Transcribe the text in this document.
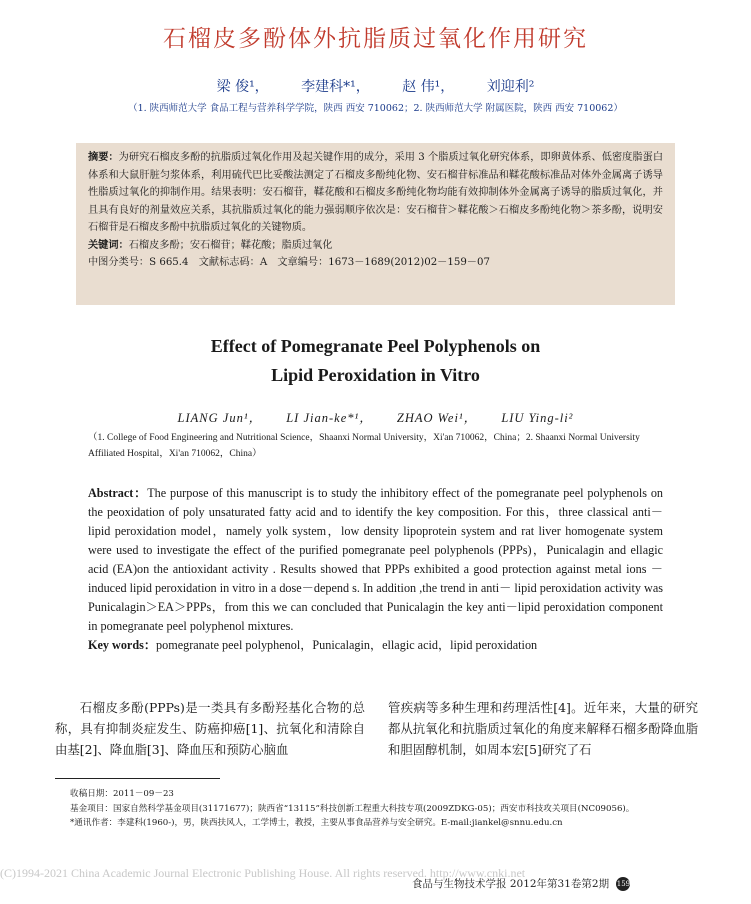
石榴皮多酚体外抗脂质过氧化作用研究
梁 俊¹， 李建科*¹， 赵 伟¹， 刘迎利²
（1. 陕西师范大学 食品工程与营养科学学院，陕西 西安 710062；2. 陕西师范大学 附属医院，陕西 西安 710062）

摘要：为研究石榴皮多酚的抗脂质过氧化作用及起关键作用的成分，采用 3 个脂质过氧化研究体系，即卵黄体系、低密度脂蛋白体系和大鼠肝脏匀浆体系，利用硫代巴比妥酸法测定了石榴皮多酚纯化物、安石榴苷标准品和鞣花酸标准品对体外金属离子诱导性脂质过氧化的抑制作用。结果表明：安石榴苷，鞣花酸和石榴皮多酚纯化物均能有效抑制体外金属离子诱导的脂质过氧化，并且具有良好的剂量效应关系，其抗脂质过氧化的能力强弱顺序依次是：安石榴苷＞鞣花酸＞石榴皮多酚纯化物＞茶多酚，说明安石榴苷是石榴皮多酚中抗脂质过氧化的关键物质。

关键词：石榴皮多酚；安石榴苷；鞣花酸；脂质过氧化

中图分类号：S 665.4　文献标志码：A　文章编号：1673－1689(2012)02－159－07

Effect of Pomegranate Peel Polyphenols on
Lipid Peroxidation in Vitro
LIANG Jun¹， LI Jian-ke*¹， ZHAO Wei¹， LIU Ying-li²
（1. College of Food Engineering and Nutritional Science，Shaanxi Normal University，Xi'an 710062，China；2. Shaanxi Normal University Affiliated Hospital，Xi'an 710062，China）
Abstract：The purpose of this manuscript is to study the inhibitory effect of the pomegranate peel polyphenols on the peoxidation of poly unsaturated fatty acid and to identify the key composition. For this，three classical anti－lipid peroxidation model，namely yolk system，low density lipoprotein system and rat liver homogenate system were used to investigate the effect of the purified pomegranate peel polyphenols (PPPs)，Punicalagin and ellagic acid (EA)on the antioxidant activity . Results showed that PPPs exhibited a good protection against metal ions －induced lipid peroxidation in vitro in a dose－depend s. In addition ,the trend in anti－ lipid peroxidation activity was Punicalagin＞EA＞PPPs，from this we can concluded that Punicalagin the key anti－lipid peroxidation component in pomegranate peel polyphenol mixtures.
Key words：pomegranate peel polyphenol，Punicalagin，ellagic acid，lipid peroxidation
石榴皮多酚(PPPs)是一类具有多酚羟基化合物的总称，具有抑制炎症发生、防癌抑癌[1]、抗氧化和清除自由基[2]、降血脂[3]、降血压和预防心脑血
管疾病等多种生理和药理活性[4]。近年来，大量的研究都从抗氧化和抗脂质过氧化的角度来解释石榴多酚降血脂和胆固醇机制，如周本宏[5]研究了石

收稿日期：2011－09－23

基金项目：国家自然科学基金项目(31171677)；陕西省“13115”科技创新工程重大科技专项(2009ZDKG-05)；西安市科技攻关项目(NC09056)。

*通讯作者：李建科(1960-)，男，陕西扶风人，工学博士，教授，主要从事食品营养与安全研究。E-mail:jiankel@snnu.edu.cn

(C)1994-2021 China Academic Journal Electronic Publishing House. All rights reserved. http://www.cnki.net
食品与生物技术学报 2012年第31卷第2期 159
